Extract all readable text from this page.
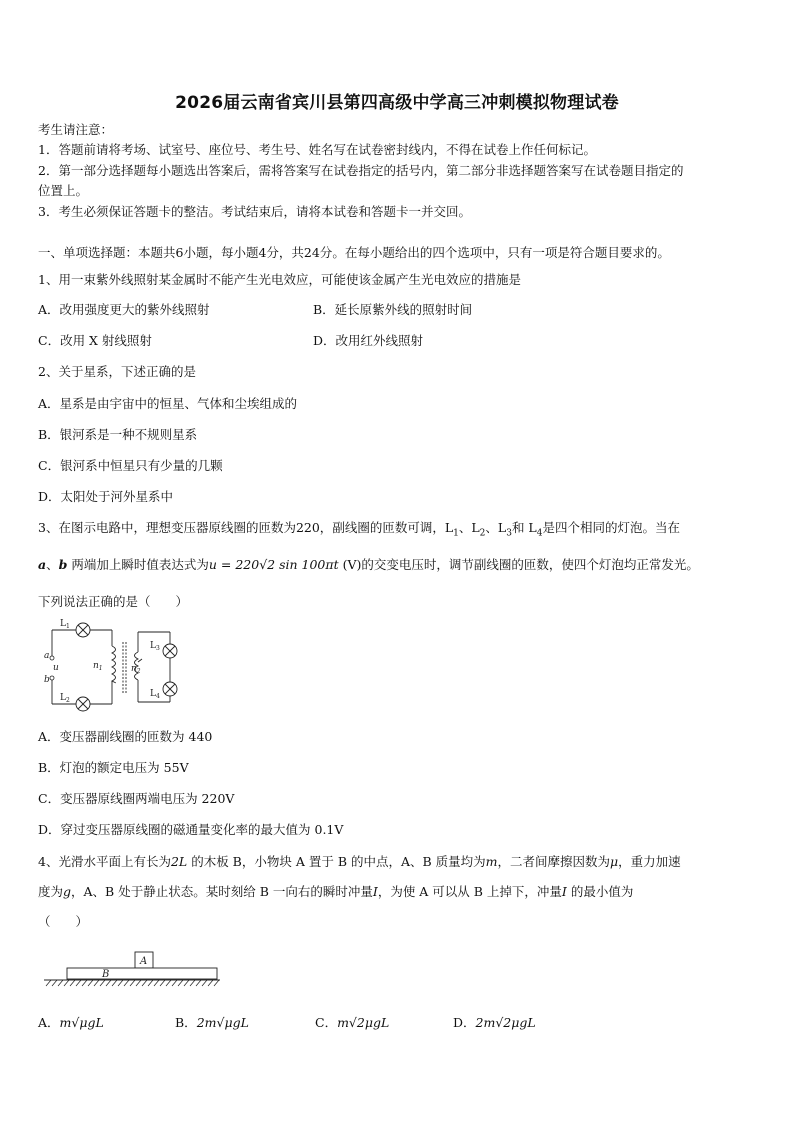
2026届云南省宾川县第四高级中学高三冲刺模拟物理试卷
考生请注意：
1．答题前请将考场、试室号、座位号、考生号、姓名写在试卷密封线内，不得在试卷上作任何标记。
2．第一部分选择题每小题选出答案后，需将答案写在试卷指定的括号内，第二部分非选择题答案写在试卷题目指定的
位置上。
3．考生必须保证答题卡的整洁。考试结束后，请将本试卷和答题卡一并交回。
一、单项选择题：本题共6小题，每小题4分，共24分。在每小题给出的四个选项中，只有一项是符合题目要求的。
1、用一束紫外线照射某金属时不能产生光电效应，可能使该金属产生光电效应的措施是
A．改用强度更大的紫外线照射	B．延长原紫外线的照射时间
C．改用 X 射线照射	D．改用红外线照射
2、关于星系，下述正确的是
A．星系是由宇宙中的恒星、气体和尘埃组成的
B．银河系是一种不规则星系
C．银河系中恒星只有少量的几颗
D．太阳处于河外星系中
3、在图示电路中，理想变压器原线圈的匝数为220，副线圈的匝数可调，$L_1$、$L_2$、$L_3$和 $L_4$是四个相同的灯泡。当在
a、b 两端加上瞬时值表达式为u = 220√2 sin 100πt (V)的交变电压时，调节副线圈的匝数，使四个灯泡均正常发光。
下列说法正确的是（　　）
$L_1$
$L_2$
$L_3$
$L_4$
a
u
b
$n_1$	$n_2$
A．变压器副线圈的匝数为 440
B．灯泡的额定电压为 55V
C．变压器原线圈两端电压为 220V
D．穿过变压器原线圈的磁通量变化率的最大值为 0.1V
4、光滑水平面上有长为2L 的木板 B，小物块 A 置于 B 的中点，A、B 质量均为m，二者间摩擦因数为μ，重力加速
度为g，A、B 处于静止状态。某时刻给 B 一向右的瞬时冲量I，为使 A 可以从 B 上掉下，冲量I 的最小值为
（　　）
A
B
A．m√μgL	B．2m√μgL	C．m√2μgL	D．2m√2μgL
